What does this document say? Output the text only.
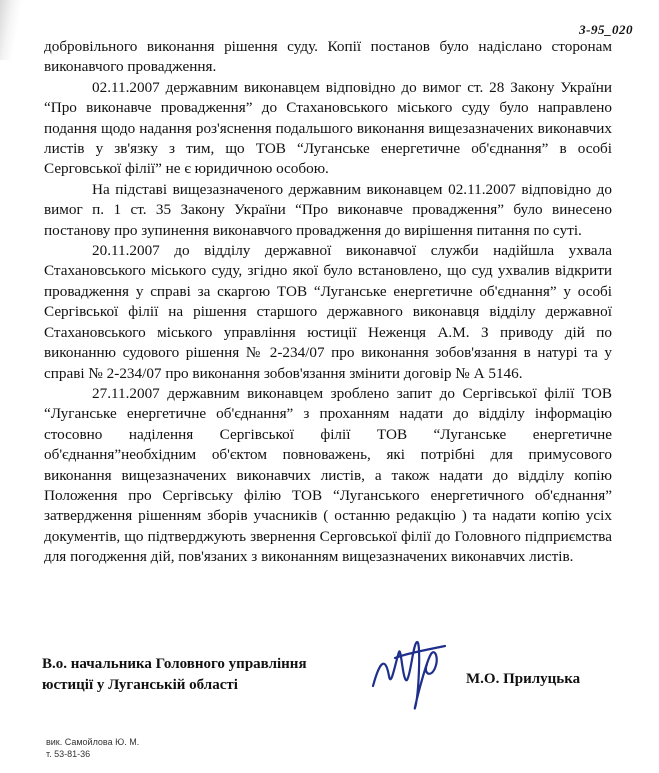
3-95_020

добровільного виконання рішення суду. Копії постанов було надіслано сторонам виконавчого провадження.

02.11.2007 державним виконавцем відповідно до вимог ст. 28 Закону України “Про виконавче провадження” до Стахановського міського суду було направлено подання щодо надання роз'яснення подальшого виконання вищезазначених виконавчих листів у зв'язку з тим, що ТОВ “Луганське енергетичне об'єднання” в особі Серговської філії” не є юридичною особою.

На підставі вищезазначеного державним виконавцем 02.11.2007 відповідно до вимог п. 1 ст. 35 Закону України “Про виконавче провадження” було винесено постанову про зупинення виконавчого провадження до вирішення питання по суті.

20.11.2007 до відділу державної виконавчої служби надійшла ухвала Стахановського міського суду, згідно якої було встановлено, що суд ухвалив відкрити провадження у справі за скаргою ТОВ “Луганське енергетичне об'єднання” у особі Сергівської філії на рішення старшого державного виконавця відділу державної Стахановського міського управління юстиції Неженця А.М. З приводу дій по виконанню судового рішення № 2-234/07 про виконання зобов'язання в натурі та у справі № 2-234/07 про виконання зобов'язання змінити договір № А 5146.

27.11.2007 державним виконавцем зроблено запит до Сергівської філії ТОВ “Луганське енергетичне об'єднання” з проханням надати до відділу інформацію стосовно наділення Сергівської філії ТОВ “Луганське енергетичне об'єднання”необхідним об'єктом повноважень, які потрібні для примусового виконання вищезазначених виконавчих листів, а також надати до відділу копію Положення про Сергівську філію ТОВ “Луганського енергетичного об'єднання” затвердження рішенням зборів учасників ( останню редакцію ) та надати копію усіх документів, що підтверджують звернення Серговської філії до Головного підприємства для погодження дій, пов'язаних з виконанням вищезазначених виконавчих листів.

В.о. начальника Головного управління
юстиції у Луганській області	М.О. Прилуцька
вик. Самойлова Ю. М.
т. 53-81-36
